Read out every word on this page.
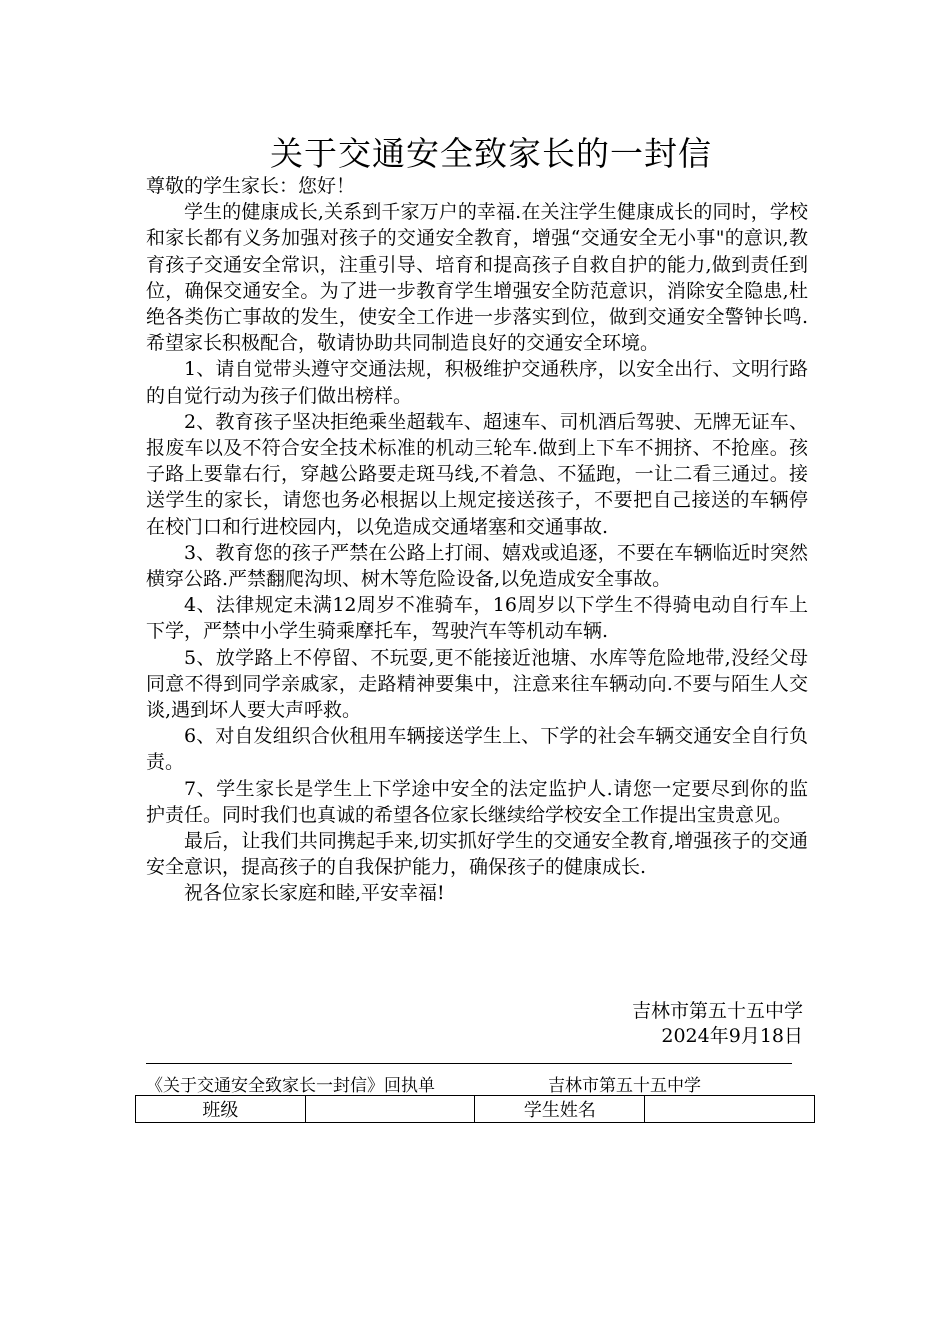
关于交通安全致家长的一封信

尊敬的学生家长：您好！

学生的健康成长,关系到千家万户的幸福.在关注学生健康成长的同时，学校和家长都有义务加强对孩子的交通安全教育，增强“交通安全无小事"的意识,教育孩子交通安全常识，注重引导、培育和提高孩子自救自护的能力,做到责任到位，确保交通安全。为了进一步教育学生增强安全防范意识，消除安全隐患,杜绝各类伤亡事故的发生，使安全工作进一步落实到位，做到交通安全警钟长鸣.希望家长积极配合，敬请协助共同制造良好的交通安全环境。

1、请自觉带头遵守交通法规，积极维护交通秩序，以安全出行、文明行路的自觉行动为孩子们做出榜样。

2、教育孩子坚决拒绝乘坐超载车、超速车、司机酒后驾驶、无牌无证车、报废车以及不符合安全技术标准的机动三轮车.做到上下车不拥挤、不抢座。孩子路上要靠右行，穿越公路要走斑马线,不着急、不猛跑，一让二看三通过。接送学生的家长，请您也务必根据以上规定接送孩子，不要把自己接送的车辆停在校门口和行进校园内，以免造成交通堵塞和交通事故.

3、教育您的孩子严禁在公路上打闹、嬉戏或追逐，不要在车辆临近时突然横穿公路.严禁翻爬沟坝、树木等危险设备,以免造成安全事故。

4、法律规定未满12周岁不准骑车，16周岁以下学生不得骑电动自行车上下学，严禁中小学生骑乘摩托车，驾驶汽车等机动车辆.

5、放学路上不停留、不玩耍,更不能接近池塘、水库等危险地带,没经父母同意不得到同学亲戚家，走路精神要集中，注意来往车辆动向.不要与陌生人交谈,遇到坏人要大声呼救。

6、对自发组织合伙租用车辆接送学生上、下学的社会车辆交通安全自行负责。

7、学生家长是学生上下学途中安全的法定监护人.请您一定要尽到你的监护责任。同时我们也真诚的希望各位家长继续给学校安全工作提出宝贵意见。

最后，让我们共同携起手来,切实抓好学生的交通安全教育,增强孩子的交通安全意识，提高孩子的自我保护能力，确保孩子的健康成长.

祝各位家长家庭和睦,平安幸福!

吉林市第五十五中学
2024年9月18日
《关于交通安全致家长一封信》回执单	吉林市第五十五中学
班级		学生姓名	
